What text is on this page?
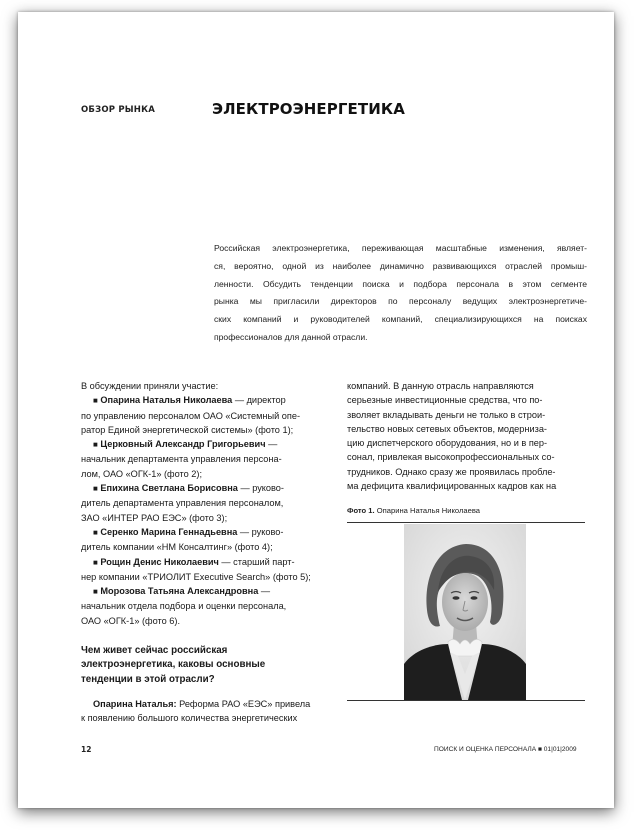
ОБЗОР РЫНКА	ЭЛЕКТРОЭНЕРГЕТИКА
Российская электроэнергетика, переживающая масштабные изменения, являет-
ся, вероятно, одной из наиболее динамично развивающихся отраслей промыш-
ленности. Обсудить тенденции поиска и подбора персонала в этом сегменте
рынка мы пригласили директоров по персоналу ведущих электроэнергетиче-
ских компаний и руководителей компаний, специализирующихся на поисках
профессионалов для данной отрасли.
В обсуждении приняли участие:
■ Опарина Наталья Николаева — директор
по управлению персоналом ОАО «Системный опе-
ратор Единой энергетической системы» (фото 1);
■ Церковный Александр Григорьевич —
начальник департамента управления персона-
лом, ОАО «ОГК-1» (фото 2);
■ Епихина Светлана Борисовна — руково-
дитель департамента управления персоналом,
ЗАО «ИНТЕР РАО ЕЭС» (фото 3);
■ Серенко Марина Геннадьевна — руково-
дитель компании «НМ Консалтинг» (фото 4);
■ Рощин Денис Николаевич — старший парт-
нер компании «ТРИОЛИТ Executive Search» (фото 5);
■ Морозова Татьяна Александровна —
начальник отдела подбора и оценки персонала,
ОАО «ОГК-1» (фото 6).
Чем живет сейчас российская
электроэнергетика, каковы основные
тенденции в этой отрасли?
Опарина Наталья: Реформа РАО «ЕЭС» привела
к появлению большого количества энергетических
компаний. В данную отрасль направляются
серьезные инвестиционные средства, что по-
зволяет вкладывать деньги не только в строи-
тельство новых сетевых объектов, модерниза-
цию диспетчерского оборудования, но и в пер-
сонал, привлекая высокопрофессиональных со-
трудников. Однако сразу же проявилась пробле-
ма дефицита квалифицированных кадров как на
Фото 1. Опарина Наталья Николаева
12	ПОИСК И ОЦЕНКА ПЕРСОНАЛА ■ 01|01|2009
